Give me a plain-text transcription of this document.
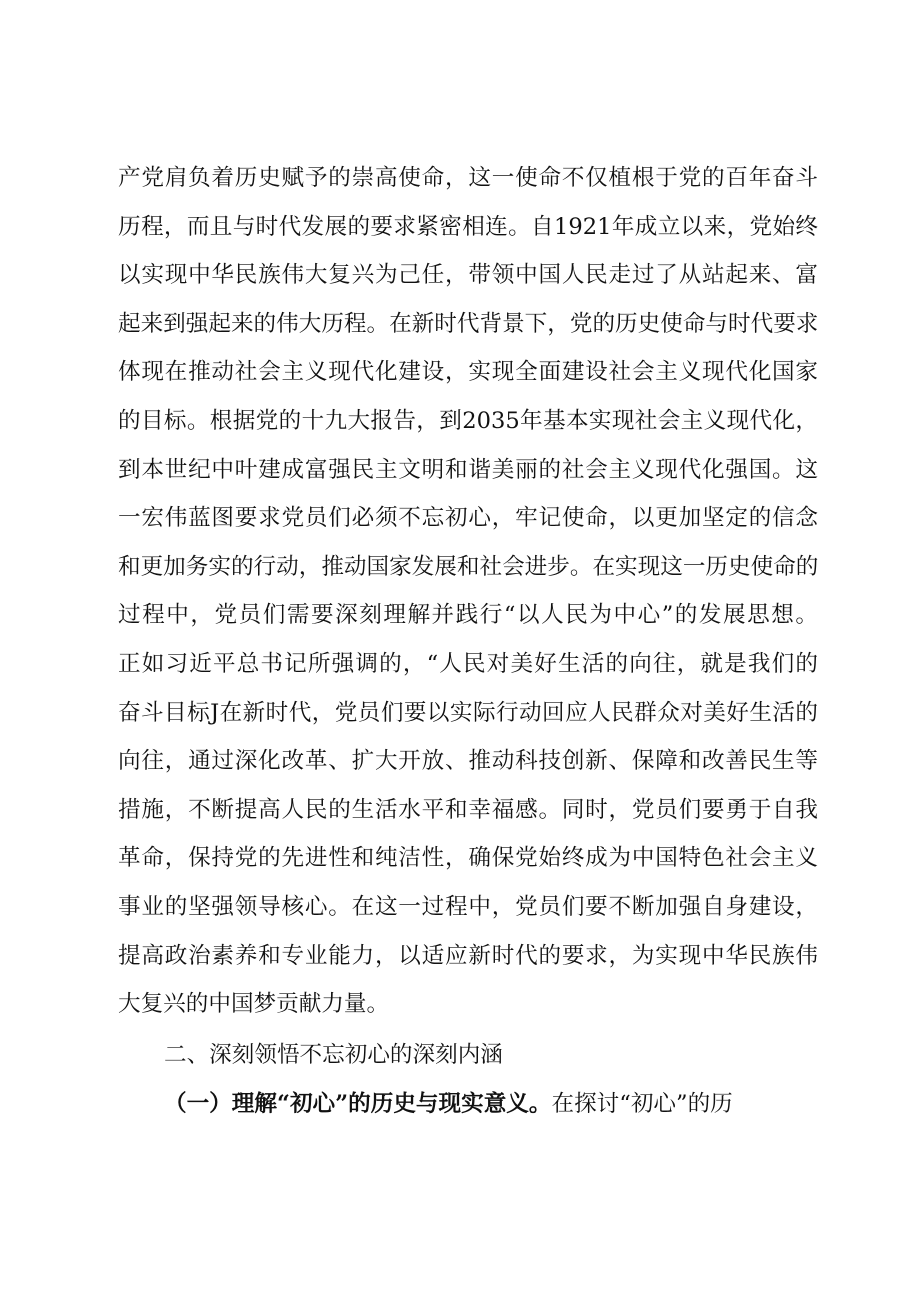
产党肩负着历史赋予的崇高使命，这一使命不仅植根于党的百年奋斗
历程，而且与时代发展的要求紧密相连。自1921年成立以来，党始终
以实现中华民族伟大复兴为己任，带领中国人民走过了从站起来、富
起来到强起来的伟大历程。在新时代背景下，党的历史使命与时代要求
体现在推动社会主义现代化建设，实现全面建设社会主义现代化国家
的目标。根据党的十九大报告，到2035年基本实现社会主义现代化，
到本世纪中叶建成富强民主文明和谐美丽的社会主义现代化强国。这
一宏伟蓝图要求党员们必须不忘初心，牢记使命，以更加坚定的信念
和更加务实的行动，推动国家发展和社会进步。在实现这一历史使命的
过程中，党员们需要深刻理解并践行“以人民为中心”的发展思想。
正如习近平总书记所强调的，“人民对美好生活的向往，就是我们的
奋斗目标J在新时代，党员们要以实际行动回应人民群众对美好生活的
向往，通过深化改革、扩大开放、推动科技创新、保障和改善民生等
措施，不断提高人民的生活水平和幸福感。同时，党员们要勇于自我
革命，保持党的先进性和纯洁性，确保党始终成为中国特色社会主义
事业的坚强领导核心。在这一过程中，党员们要不断加强自身建设，
提高政治素养和专业能力，以适应新时代的要求，为实现中华民族伟
大复兴的中国梦贡献力量。
二、深刻领悟不忘初心的深刻内涵
（一）理解“初心”的历史与现实意义。在探讨“初心”的历
